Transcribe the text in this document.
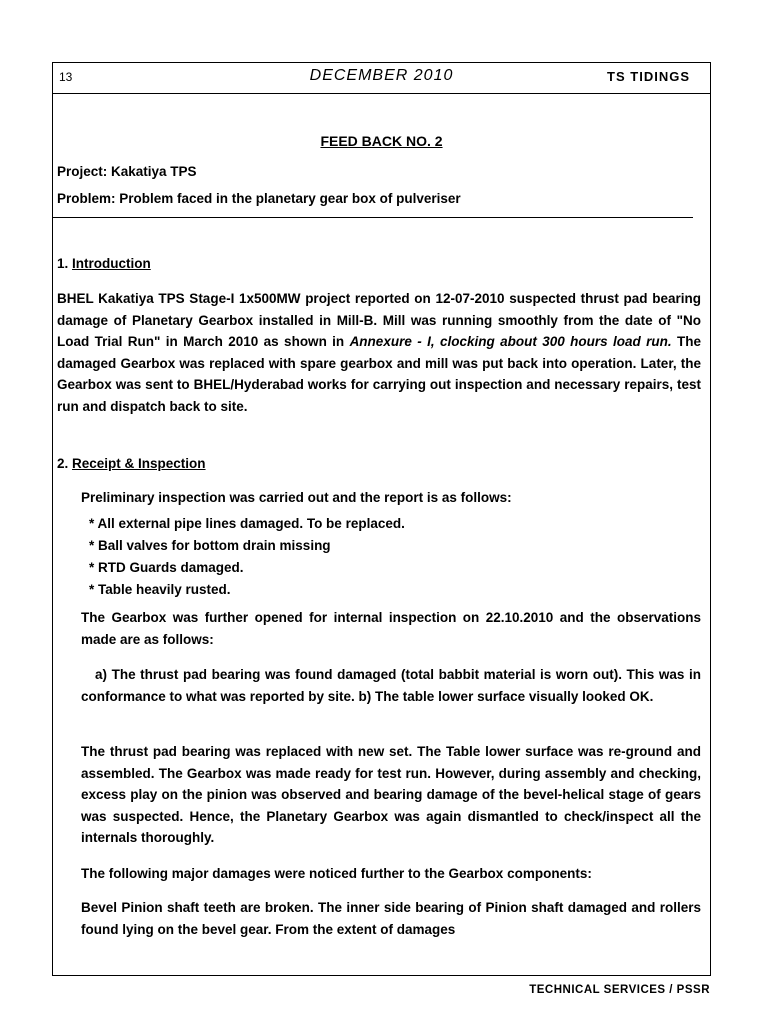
13	DECEMBER 2010	TS TIDINGS
FEED BACK NO. 2
Project: Kakatiya TPS
Problem: Problem faced in the planetary gear box of pulveriser
1. Introduction
BHEL Kakatiya TPS Stage-I 1x500MW project reported on 12-07-2010 suspected thrust pad bearing damage of Planetary Gearbox installed in Mill-B. Mill was running smoothly from the date of "No Load Trial Run" in March 2010 as shown in Annexure - I, clocking about 300 hours load run. The damaged Gearbox was replaced with spare gearbox and mill was put back into operation. Later, the Gearbox was sent to BHEL/Hyderabad works for carrying out inspection and necessary repairs, test run and dispatch back to site.
2. Receipt & Inspection
Preliminary inspection was carried out and the report is as follows:
* All external pipe lines damaged. To be replaced.
* Ball valves for bottom drain missing
* RTD Guards damaged.
* Table heavily rusted.
The Gearbox was further opened for internal inspection on 22.10.2010 and the observations made are as follows:
a) The thrust pad bearing was found damaged (total babbit material is worn out). This was in conformance to what was reported by site. b) The table lower surface visually looked OK.
The thrust pad bearing was replaced with new set. The Table lower surface was re-ground and assembled. The Gearbox was made ready for test run. However, during assembly and checking, excess play on the pinion was observed and bearing damage of the bevel-helical stage of gears was suspected. Hence, the Planetary Gearbox was again dismantled to check/inspect all the internals thoroughly.
The following major damages were noticed further to the Gearbox components:
Bevel Pinion shaft teeth are broken. The inner side bearing of Pinion shaft damaged and rollers found lying on the bevel gear. From the extent of damages
TECHNICAL SERVICES / PSSR
